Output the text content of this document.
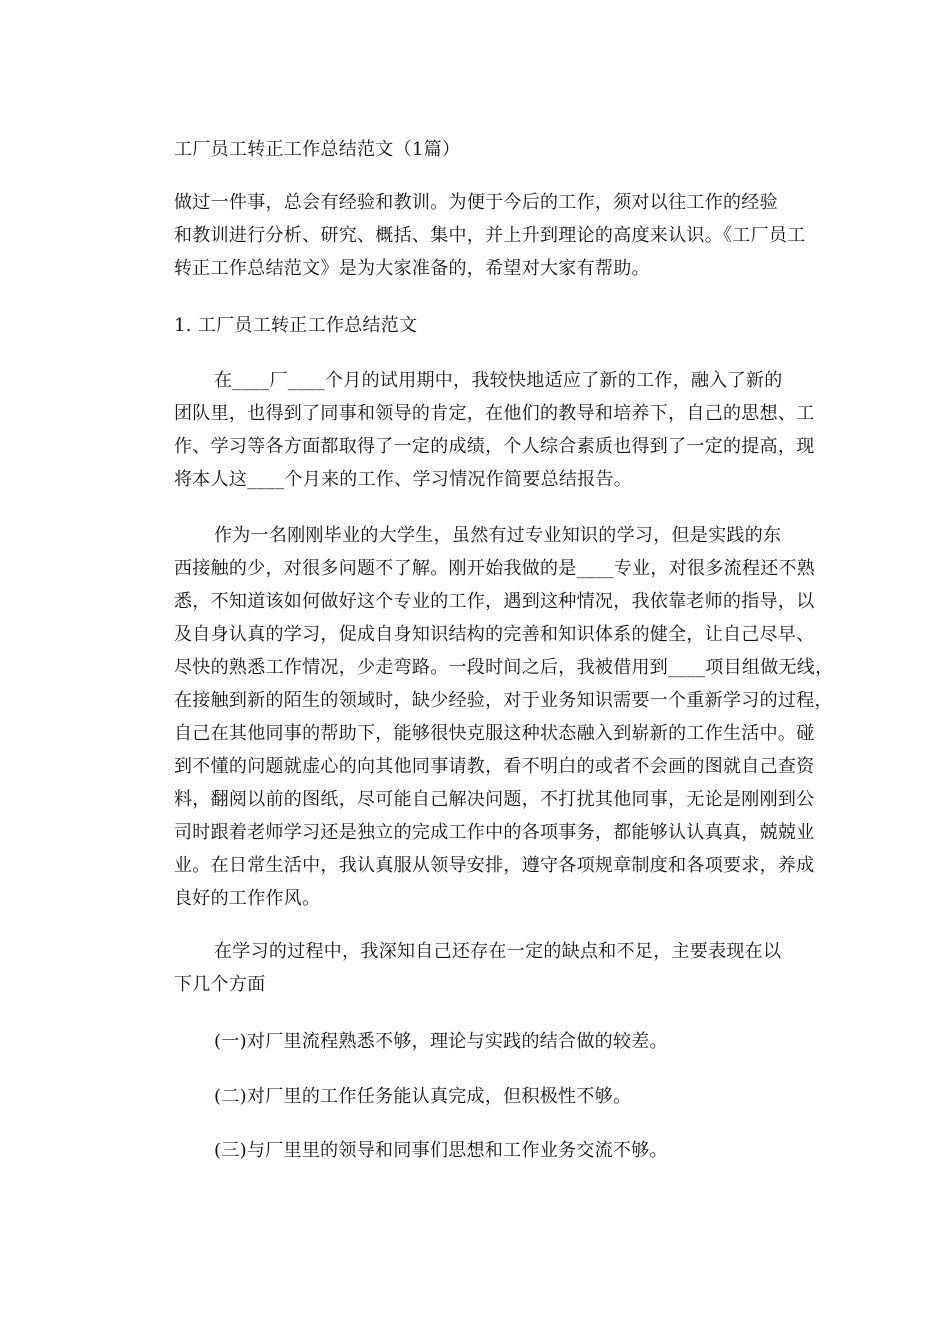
工厂员工转正工作总结范文（1篇）
做过一件事，总会有经验和教训。为便于今后的工作，须对以往工作的经验
和教训进行分析、研究、概括、集中，并上升到理论的高度来认识。《工厂员工
转正工作总结范文》是为大家准备的，希望对大家有帮助。
1. 工厂员工转正工作总结范文
在____厂____个月的试用期中，我较快地适应了新的工作，融入了新的
团队里，也得到了同事和领导的肯定，在他们的教导和培养下，自己的思想、工
作、学习等各方面都取得了一定的成绩，个人综合素质也得到了一定的提高，现
将本人这____个月来的工作、学习情况作简要总结报告。
作为一名刚刚毕业的大学生，虽然有过专业知识的学习，但是实践的东
西接触的少，对很多问题不了解。刚开始我做的是____专业，对很多流程还不熟
悉，不知道该如何做好这个专业的工作，遇到这种情况，我依靠老师的指导，以
及自身认真的学习，促成自身知识结构的完善和知识体系的健全，让自己尽早、
尽快的熟悉工作情况，少走弯路。一段时间之后，我被借用到____项目组做无线，
在接触到新的陌生的领域时，缺少经验，对于业务知识需要一个重新学习的过程，
自己在其他同事的帮助下，能够很快克服这种状态融入到崭新的工作生活中。碰
到不懂的问题就虚心的向其他同事请教，看不明白的或者不会画的图就自己查资
料，翻阅以前的图纸，尽可能自己解决问题，不打扰其他同事，无论是刚刚到公
司时跟着老师学习还是独立的完成工作中的各项事务，都能够认认真真，兢兢业
业。在日常生活中，我认真服从领导安排，遵守各项规章制度和各项要求，养成
良好的工作作风。
在学习的过程中，我深知自己还存在一定的缺点和不足，主要表现在以
下几个方面
(一)对厂里流程熟悉不够，理论与实践的结合做的较差。
(二)对厂里的工作任务能认真完成，但积极性不够。
(三)与厂里里的领导和同事们思想和工作业务交流不够。
